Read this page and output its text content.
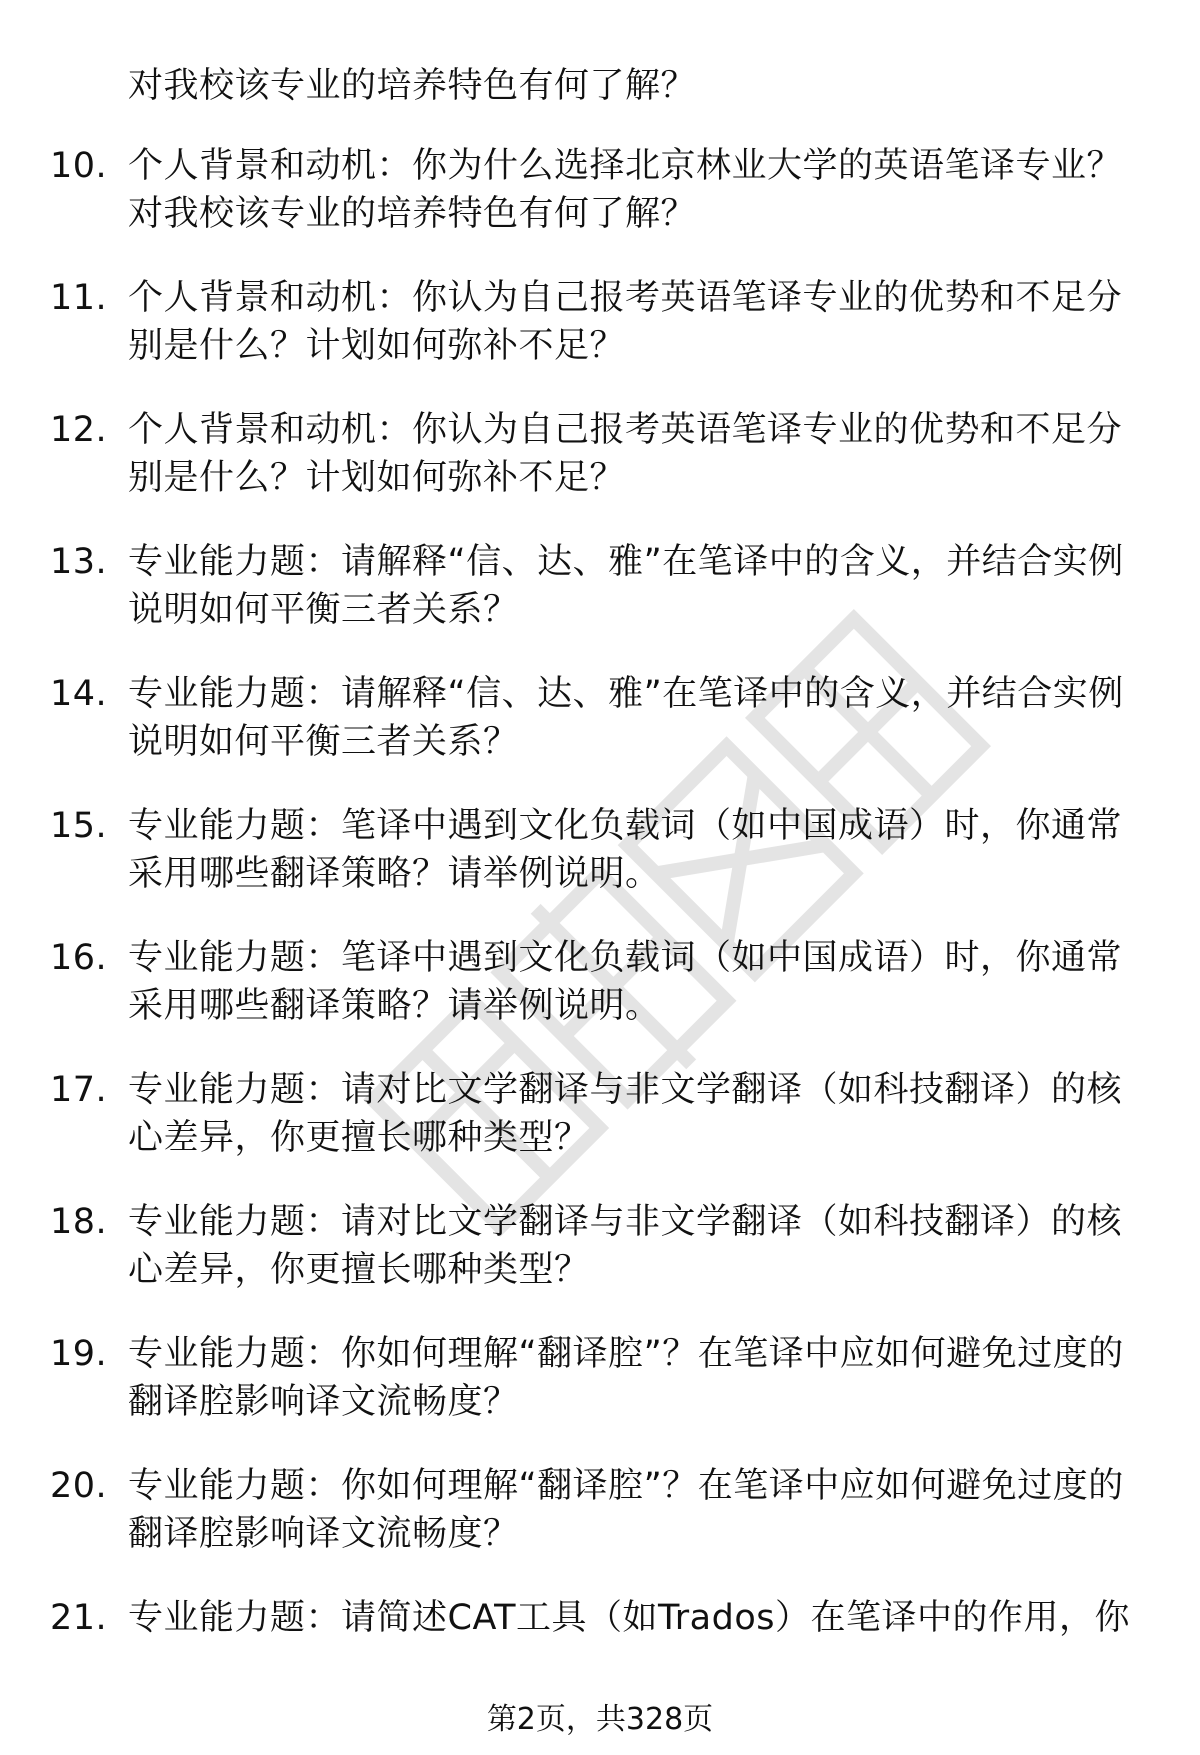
对我校该专业的培养特色有何了解？
10. 个人背景和动机：你为什么选择北京林业大学的英语笔译专业？对我校该专业的培养特色有何了解？
11. 个人背景和动机：你认为自己报考英语笔译专业的优势和不足分别是什么？计划如何弥补不足？
12. 个人背景和动机：你认为自己报考英语笔译专业的优势和不足分别是什么？计划如何弥补不足？
13. 专业能力题：请解释“信、达、雅”在笔译中的含义，并结合实例说明如何平衡三者关系？
14. 专业能力题：请解释“信、达、雅”在笔译中的含义，并结合实例说明如何平衡三者关系？
15. 专业能力题：笔译中遇到文化负载词（如中国成语）时，你通常采用哪些翻译策略？请举例说明。
16. 专业能力题：笔译中遇到文化负载词（如中国成语）时，你通常采用哪些翻译策略？请举例说明。
17. 专业能力题：请对比文学翻译与非文学翻译（如科技翻译）的核心差异，你更擅长哪种类型？
18. 专业能力题：请对比文学翻译与非文学翻译（如科技翻译）的核心差异，你更擅长哪种类型？
19. 专业能力题：你如何理解“翻译腔”？在笔译中应如何避免过度的翻译腔影响译文流畅度？
20. 专业能力题：你如何理解“翻译腔”？在笔译中应如何避免过度的翻译腔影响译文流畅度？
21. 专业能力题：请简述CAT工具（如Trados）在笔译中的作用，你
第2页，共328页
